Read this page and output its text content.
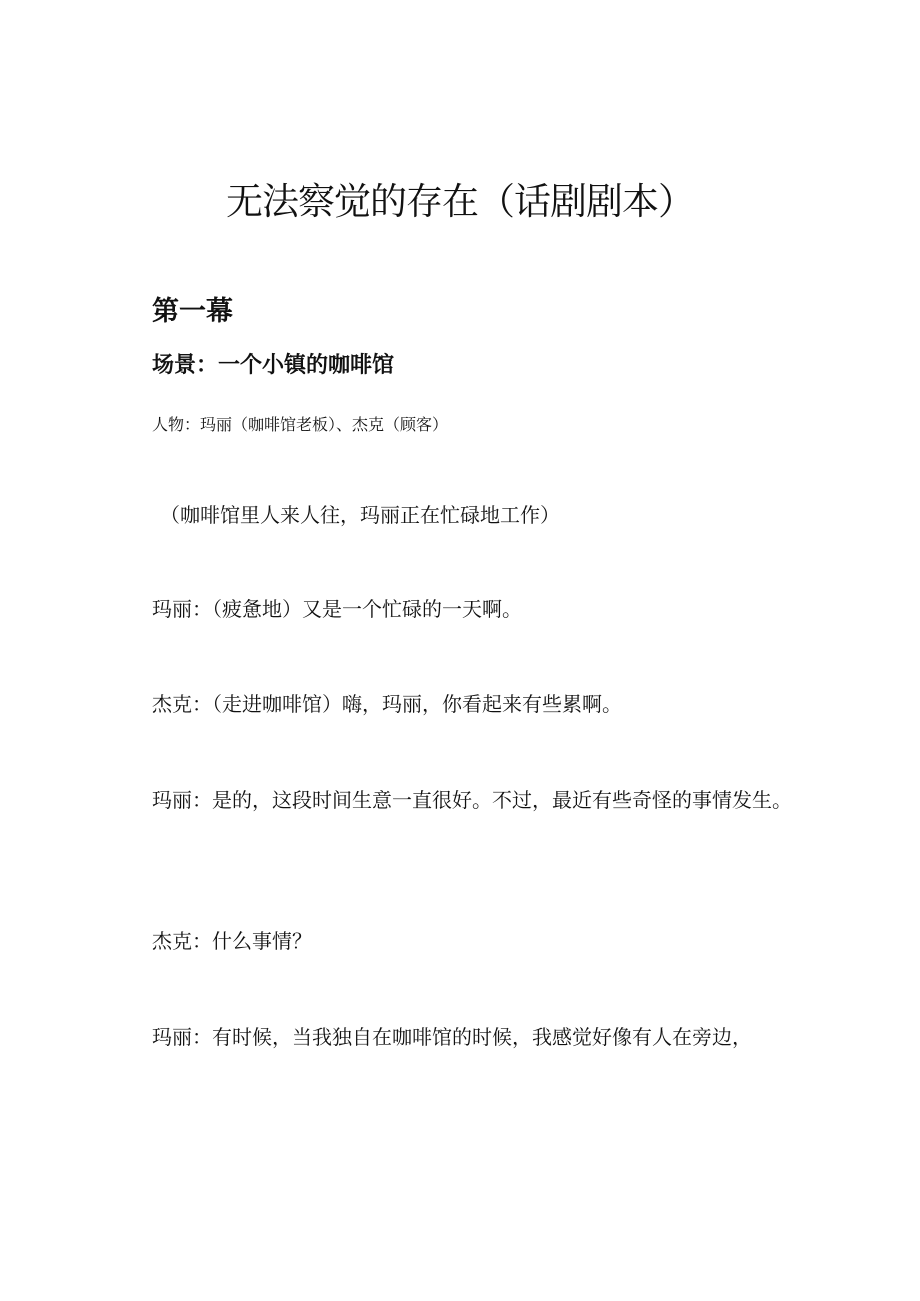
无法察觉的存在（话剧剧本）
第一幕
场景：一个小镇的咖啡馆

人物：玛丽（咖啡馆老板）、杰克（顾客）

（咖啡馆里人来人往，玛丽正在忙碌地工作）

玛丽：（疲惫地）又是一个忙碌的一天啊。

杰克：（走进咖啡馆）嗨，玛丽，你看起来有些累啊。

玛丽：是的，这段时间生意一直很好。不过，最近有些奇怪的事情发生。

杰克：什么事情？

玛丽：有时候，当我独自在咖啡馆的时候，我感觉好像有人在旁边，
